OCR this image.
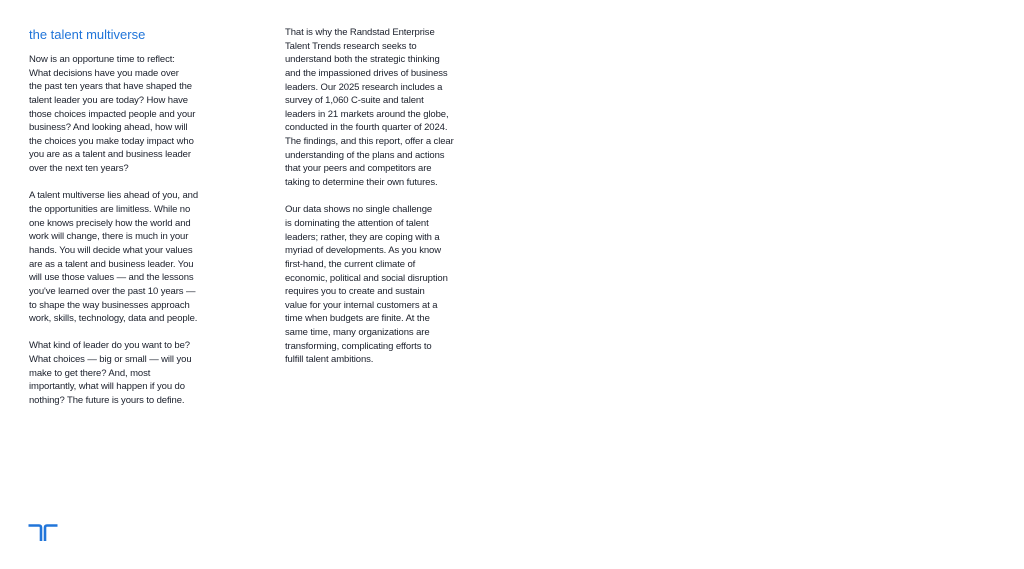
the talent multiverse
Now is an opportune time to reflect:
What decisions have you made over
the past ten years that have shaped the
talent leader you are today? How have
those choices impacted people and your
business? And looking ahead, how will
the choices you make today impact who
you are as a talent and business leader
over the next ten years?
A talent multiverse lies ahead of you, and
the opportunities are limitless. While no
one knows precisely how the world and
work will change, there is much in your
hands. You will decide what your values
are as a talent and business leader. You
will use those values — and the lessons
you've learned over the past 10 years —
to shape the way businesses approach
work, skills, technology, data and people.
What kind of leader do you want to be?
What choices — big or small — will you
make to get there? And, most
importantly, what will happen if you do
nothing? The future is yours to define.
That is why the Randstad Enterprise
Talent Trends research seeks to
understand both the strategic thinking
and the impassioned drives of business
leaders. Our 2025 research includes a
survey of 1,060 C-suite and talent
leaders in 21 markets around the globe,
conducted in the fourth quarter of 2024.
The findings, and this report, offer a clear
understanding of the plans and actions
that your peers and competitors are
taking to determine their own futures.
Our data shows no single challenge
is dominating the attention of talent
leaders; rather, they are coping with a
myriad of developments. As you know
first-hand, the current climate of
economic, political and social disruption
requires you to create and sustain
value for your internal customers at a
time when budgets are finite. At the
same time, many organizations are
transforming, complicating efforts to
fulfill talent ambitions.
